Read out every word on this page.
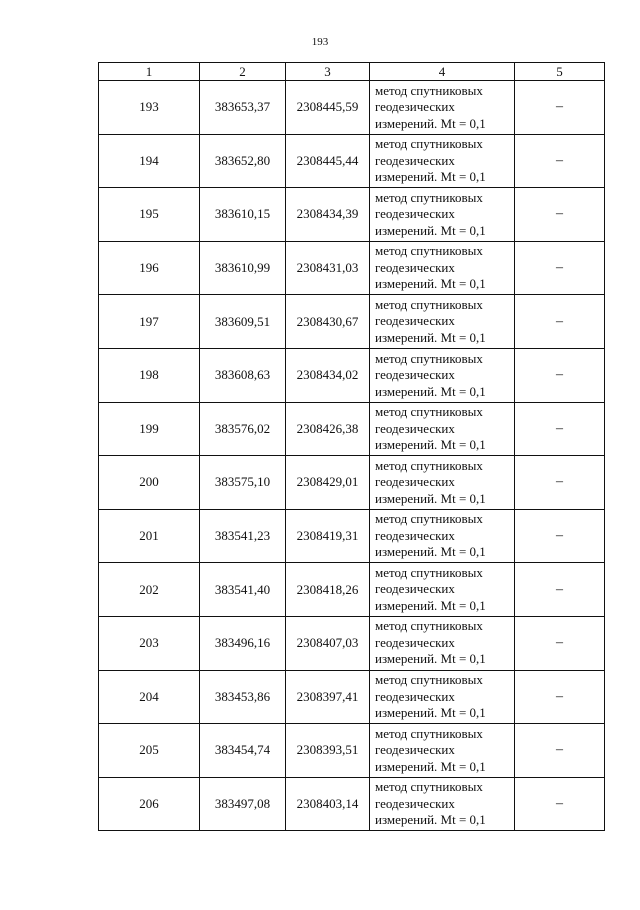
193
1	2	3	4	5
193	383653,37	2308445,59	метод спутниковых
геодезических
измерений. Mt = 0,1	–
194	383652,80	2308445,44	метод спутниковых
геодезических
измерений. Mt = 0,1	–
195	383610,15	2308434,39	метод спутниковых
геодезических
измерений. Mt = 0,1	–
196	383610,99	2308431,03	метод спутниковых
геодезических
измерений. Mt = 0,1	–
197	383609,51	2308430,67	метод спутниковых
геодезических
измерений. Mt = 0,1	–
198	383608,63	2308434,02	метод спутниковых
геодезических
измерений. Mt = 0,1	–
199	383576,02	2308426,38	метод спутниковых
геодезических
измерений. Mt = 0,1	–
200	383575,10	2308429,01	метод спутниковых
геодезических
измерений. Mt = 0,1	–
201	383541,23	2308419,31	метод спутниковых
геодезических
измерений. Mt = 0,1	–
202	383541,40	2308418,26	метод спутниковых
геодезических
измерений. Mt = 0,1	–
203	383496,16	2308407,03	метод спутниковых
геодезических
измерений. Mt = 0,1	–
204	383453,86	2308397,41	метод спутниковых
геодезических
измерений. Mt = 0,1	–
205	383454,74	2308393,51	метод спутниковых
геодезических
измерений. Mt = 0,1	–
206	383497,08	2308403,14	метод спутниковых
геодезических
измерений. Mt = 0,1	–
